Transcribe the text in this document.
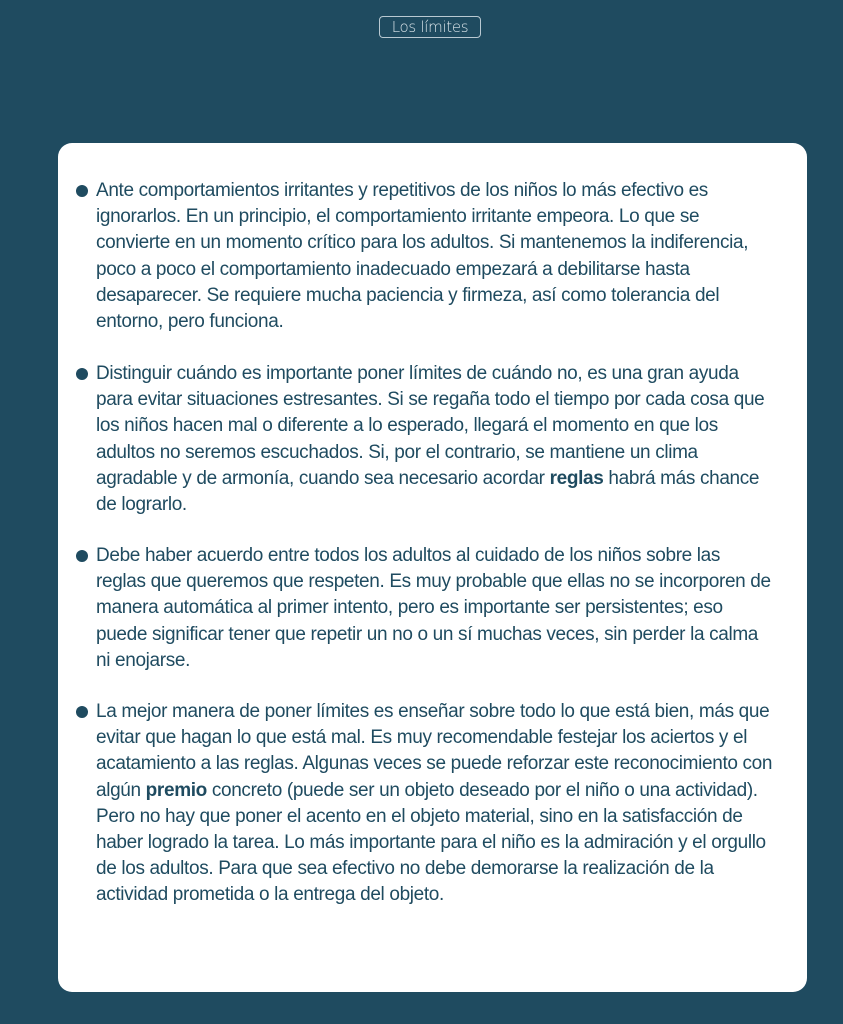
Los límites

Ante comportamientos irritantes y repetitivos de los niños lo más efectivo es ignorarlos. En un principio, el comportamiento irritante empeora. Lo que se convierte en un momento crítico para los adultos. Si mantenemos la indiferencia, poco a poco el comportamiento inadecuado empezará a debilitarse hasta desaparecer. Se requiere mucha paciencia y firmeza, así como tolerancia del entorno, pero funciona.

Distinguir cuándo es importante poner límites de cuándo no, es una gran ayuda para evitar situaciones estresantes. Si se regaña todo el tiempo por cada cosa que los niños hacen mal o diferente a lo esperado, llegará el momento en que los adultos no seremos escuchados. Si, por el contrario, se mantiene un clima agradable y de armonía, cuando sea necesario acordar reglas habrá más chance de lograrlo.

Debe haber acuerdo entre todos los adultos al cuidado de los niños sobre las reglas que queremos que respeten. Es muy probable que ellas no se incorporen de manera automática al primer intento, pero es importante ser persistentes; eso puede significar tener que repetir un no o un sí muchas veces, sin perder la calma ni enojarse.

La mejor manera de poner límites es enseñar sobre todo lo que está bien, más que evitar que hagan lo que está mal. Es muy recomendable festejar los aciertos y el acatamiento a las reglas. Algunas veces se puede reforzar este reconocimiento con algún premio concreto (puede ser un objeto deseado por el niño o una actividad). Pero no hay que poner el acento en el objeto material, sino en la satisfacción de haber logrado la tarea. Lo más importante para el niño es la admiración y el orgullo de los adultos. Para que sea efectivo no debe demorarse la realización de la actividad prometida o la entrega del objeto.
